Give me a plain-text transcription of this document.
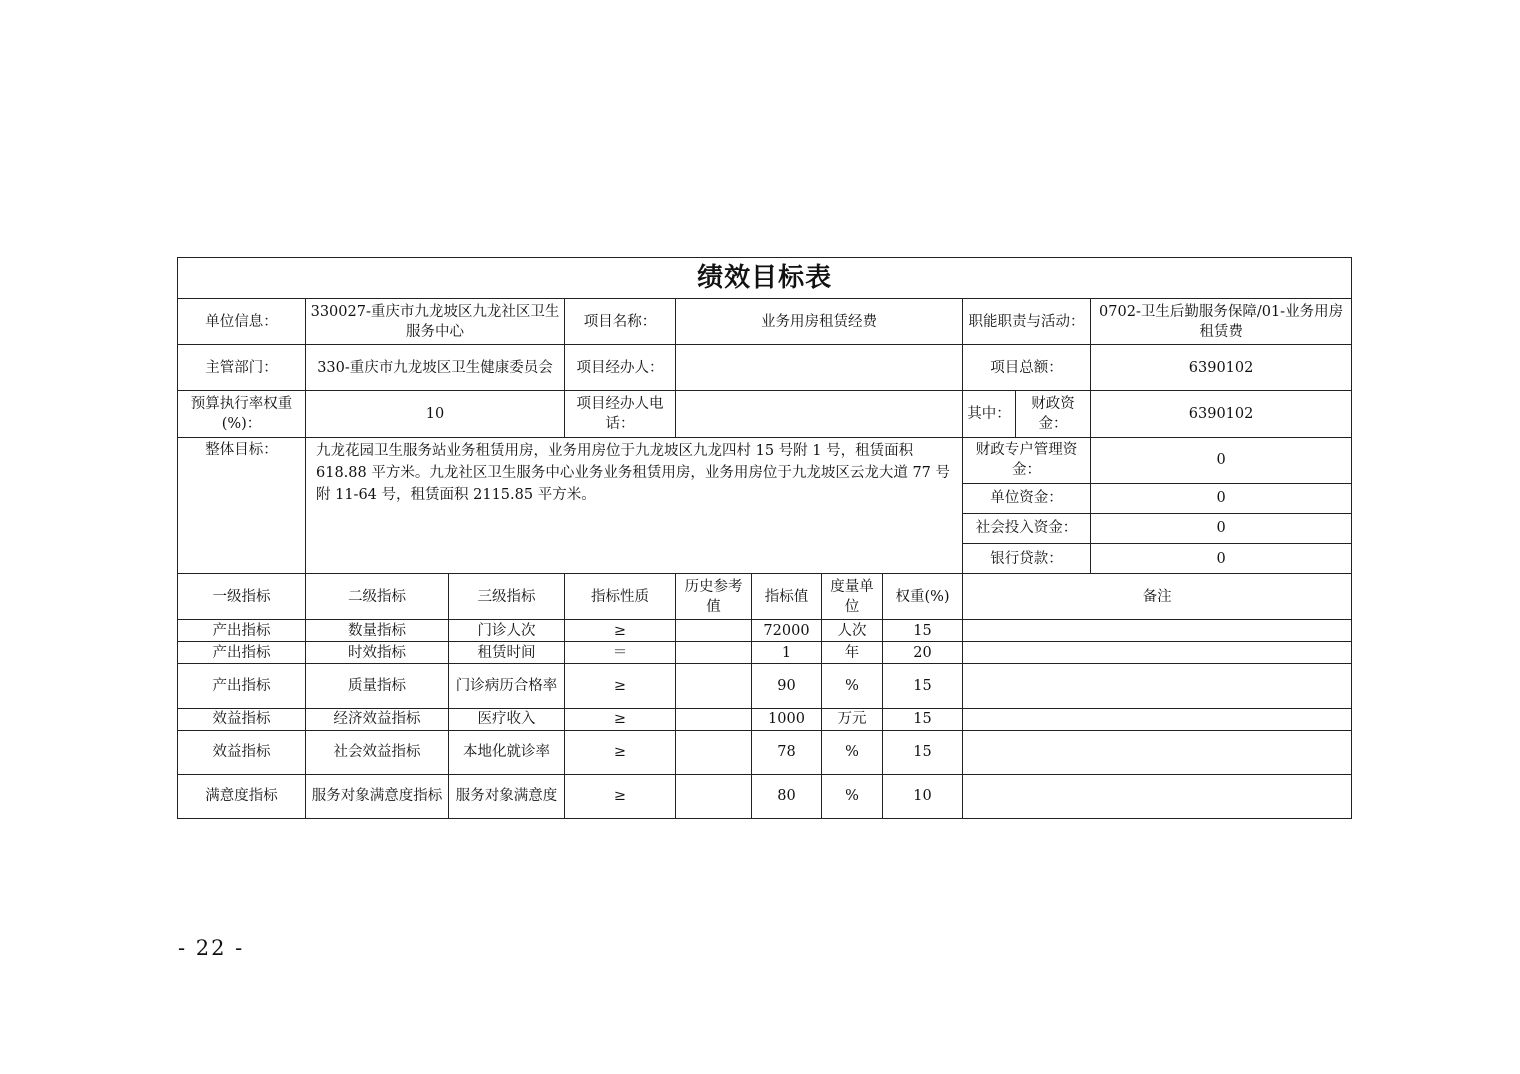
绩效目标表										
单位信息：	330027-重庆市九龙坡区九龙社区卫生服务中心		项目名称：	业务用房租赁经费				职能职责与活动：		0702-卫生后勤服务保障/01-业务用房租赁费
主管部门：	330-重庆市九龙坡区卫生健康委员会		项目经办人：					项目总额：		6390102
预算执行率权重(%)：	10		项目经办人电话：					其中：	财政资金：	6390102
整体目标：	九龙花园卫生服务站业务租赁用房，业务用房位于九龙坡区九龙四村 15 号附 1 号，租赁面积 618.88 平方米。九龙社区卫生服务中心业务业务租赁用房，业务用房位于九龙坡区云龙大道 77 号附 11-64 号，租赁面积 2115.85 平方米。							财政专户管理资金：		0
								单位资金：		0
								社会投入资金：		0
								银行贷款：		0
一级指标	二级指标	三级指标	指标性质	历史参考值	指标值	度量单位	权重(%)	备注		
产出指标	数量指标	门诊人次	≥		72000	人次	15			
产出指标	时效指标	租赁时间	＝		1	年	20			
产出指标	质量指标	门诊病历合格率	≥		90	%	15			
效益指标	经济效益指标	医疗收入	≥		1000	万元	15			
效益指标	社会效益指标	本地化就诊率	≥		78	%	15			
满意度指标	服务对象满意度指标	服务对象满意度	≥		80	%	10			
- 22 -
